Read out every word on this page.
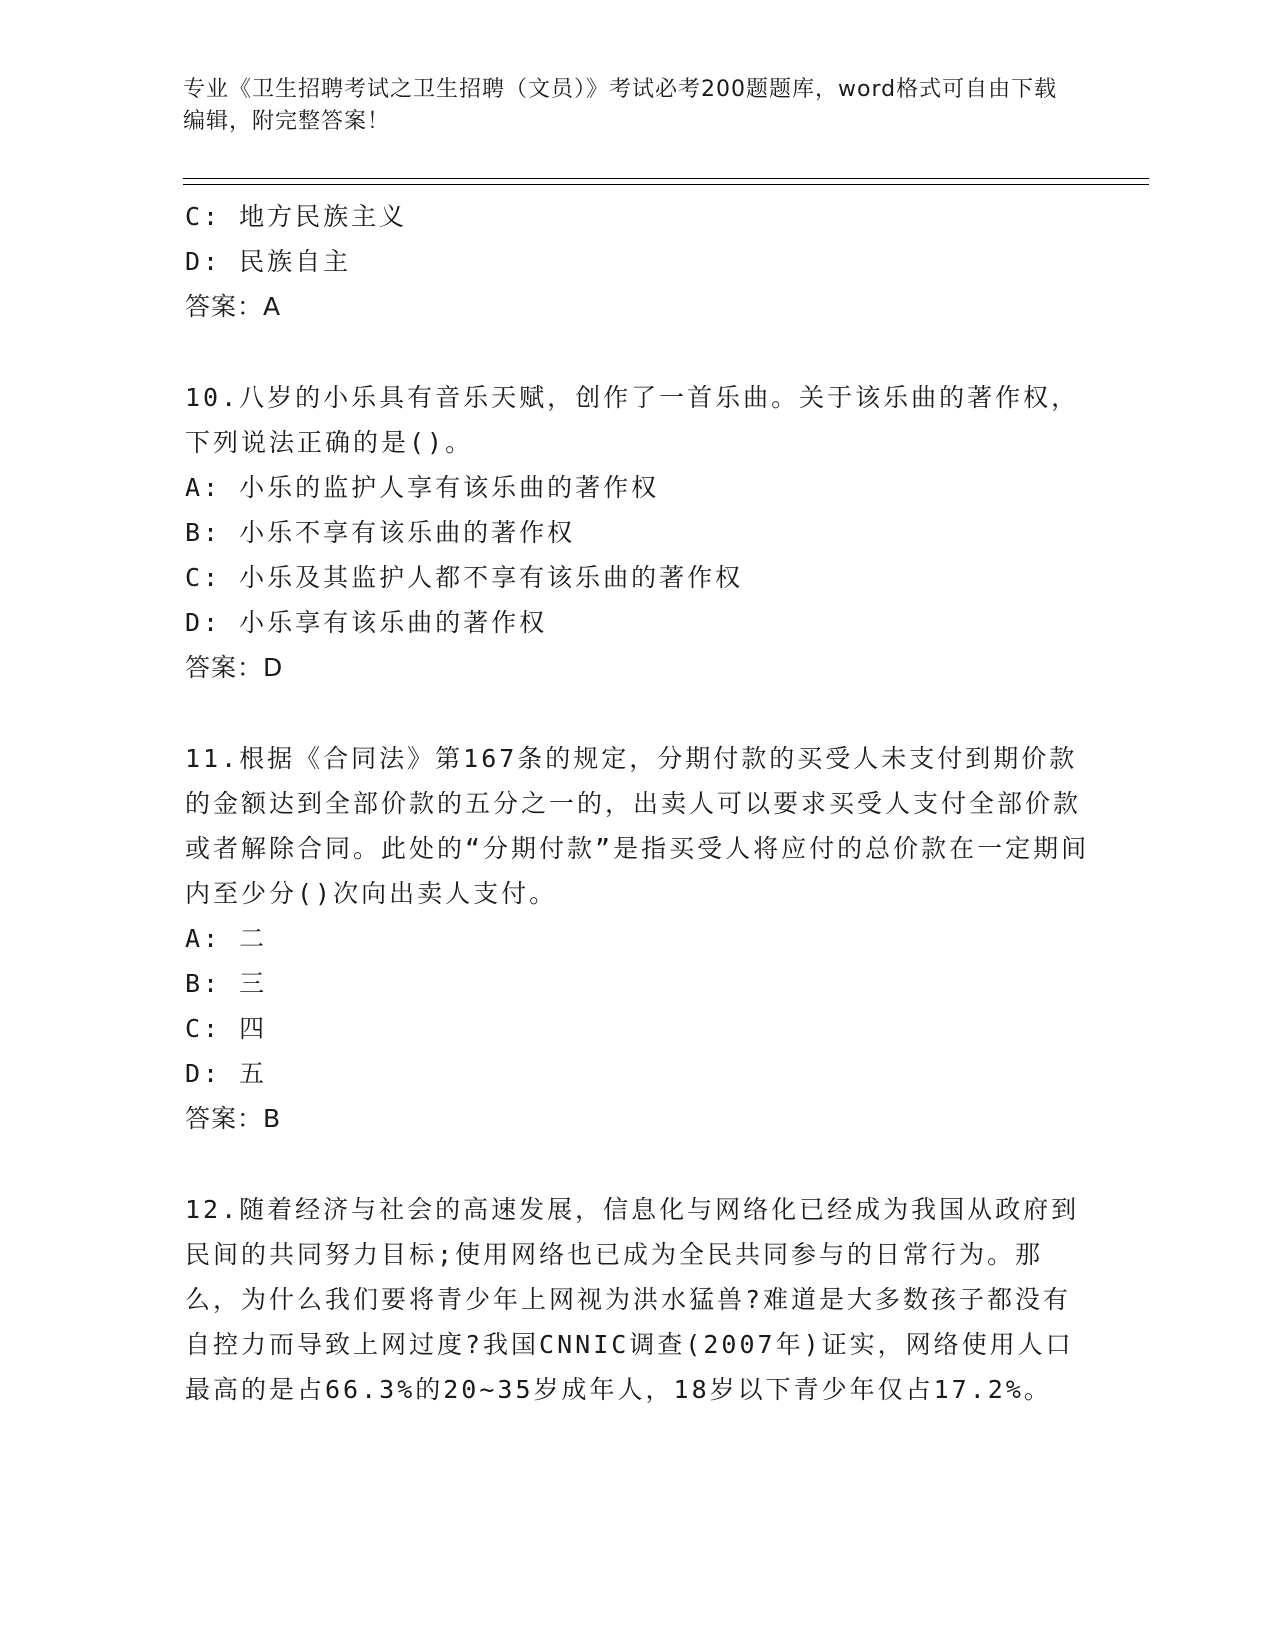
专业《卫生招聘考试之卫生招聘（文员）》考试必考200题题库，word格式可自由下载编辑，附完整答案！
C: 地方民族主义
D: 民族自主
答案：A
10.八岁的小乐具有音乐天赋，创作了一首乐曲。关于该乐曲的著作权，下列说法正确的是()。
A: 小乐的监护人享有该乐曲的著作权
B: 小乐不享有该乐曲的著作权
C: 小乐及其监护人都不享有该乐曲的著作权
D: 小乐享有该乐曲的著作权
答案：D
11.根据《合同法》第167条的规定，分期付款的买受人未支付到期价款的金额达到全部价款的五分之一的，出卖人可以要求买受人支付全部价款或者解除合同。此处的“分期付款”是指买受人将应付的总价款在一定期间内至少分()次向出卖人支付。
A: 二
B: 三
C: 四
D: 五
答案：B
12.随着经济与社会的高速发展，信息化与网络化已经成为我国从政府到民间的共同努力目标;使用网络也已成为全民共同参与的日常行为。那么，为什么我们要将青少年上网视为洪水猛兽?难道是大多数孩子都没有自控力而导致上网过度?我国CNNIC调查(2007年)证实，网络使用人口最高的是占66.3%的20~35岁成年人，18岁以下青少年仅占17.2%。
